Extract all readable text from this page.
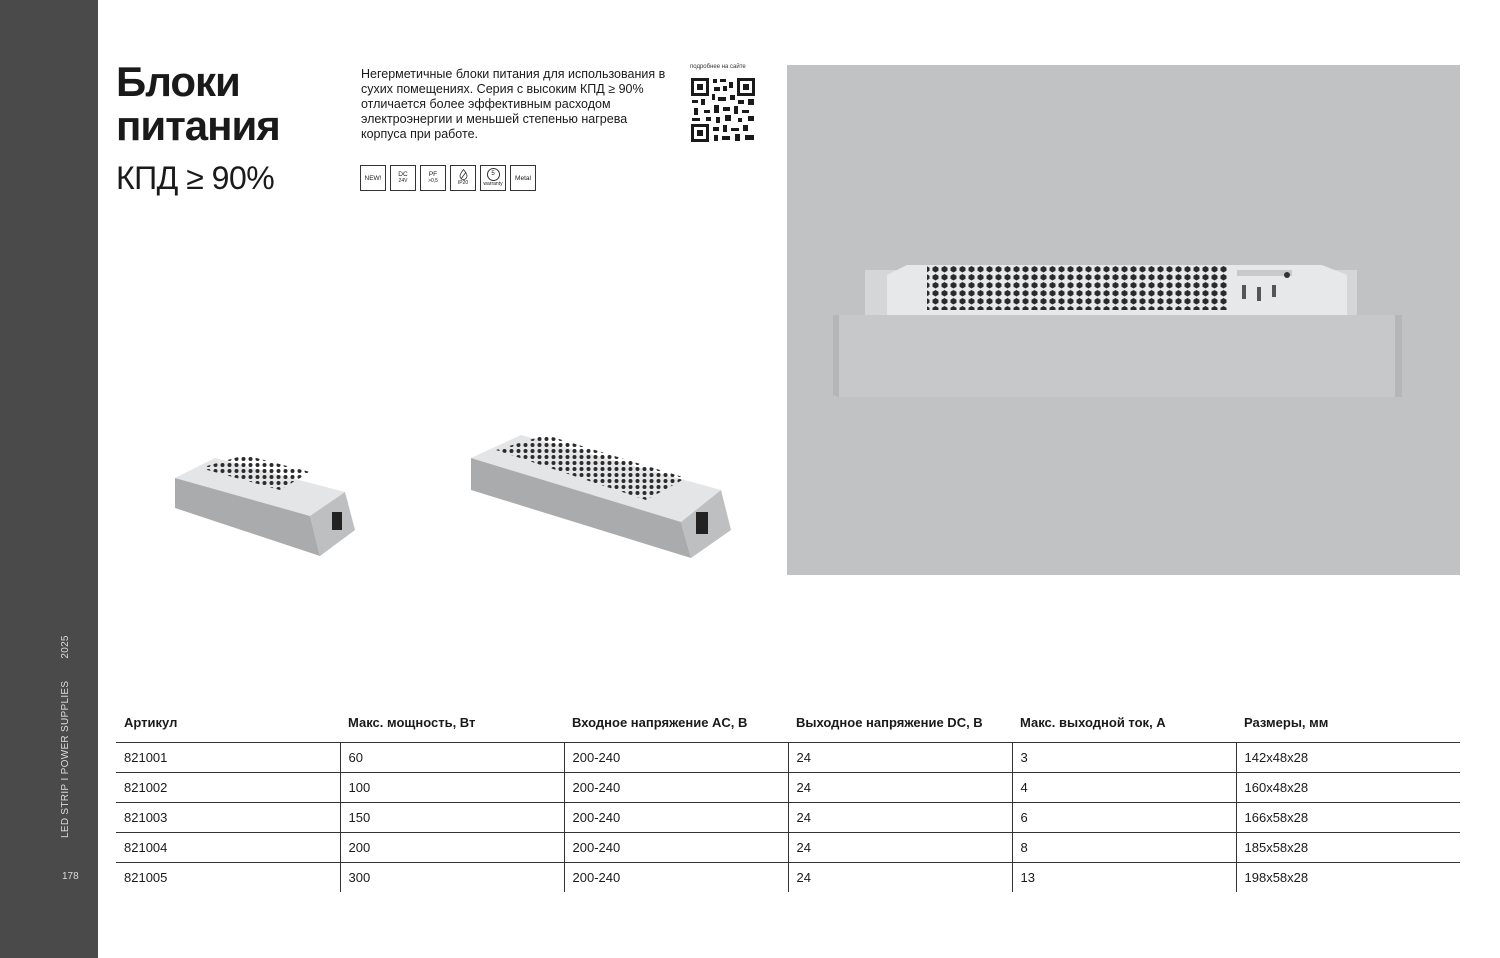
LED STRIP I POWER SUPPLIES
2025
178
Блоки
питания
КПД ≥ 90%
Негерметичные блоки питания для использования в сухих помещениях. Серия с высоким КПД ≥ 90% отличается более эффективным расходом электроэнергии и меньшей степенью нагрева корпуса при работе.
NEW!	DC
24V
PF
>0,5	IP20
5
warranty
Metal
подробнее на сайте
Артикул	Макс. мощность, Вт	Входное напряжение AC, В	Выходное напряжение DC, В	Макс. выходной ток, А	Размеры, мм
821001	60	200-240	24	3	142x48x28
821002	100	200-240	24	4	160x48x28
821003	150	200-240	24	6	166x58x28
821004	200	200-240	24	8	185x58x28
821005	300	200-240	24	13	198x58x28
